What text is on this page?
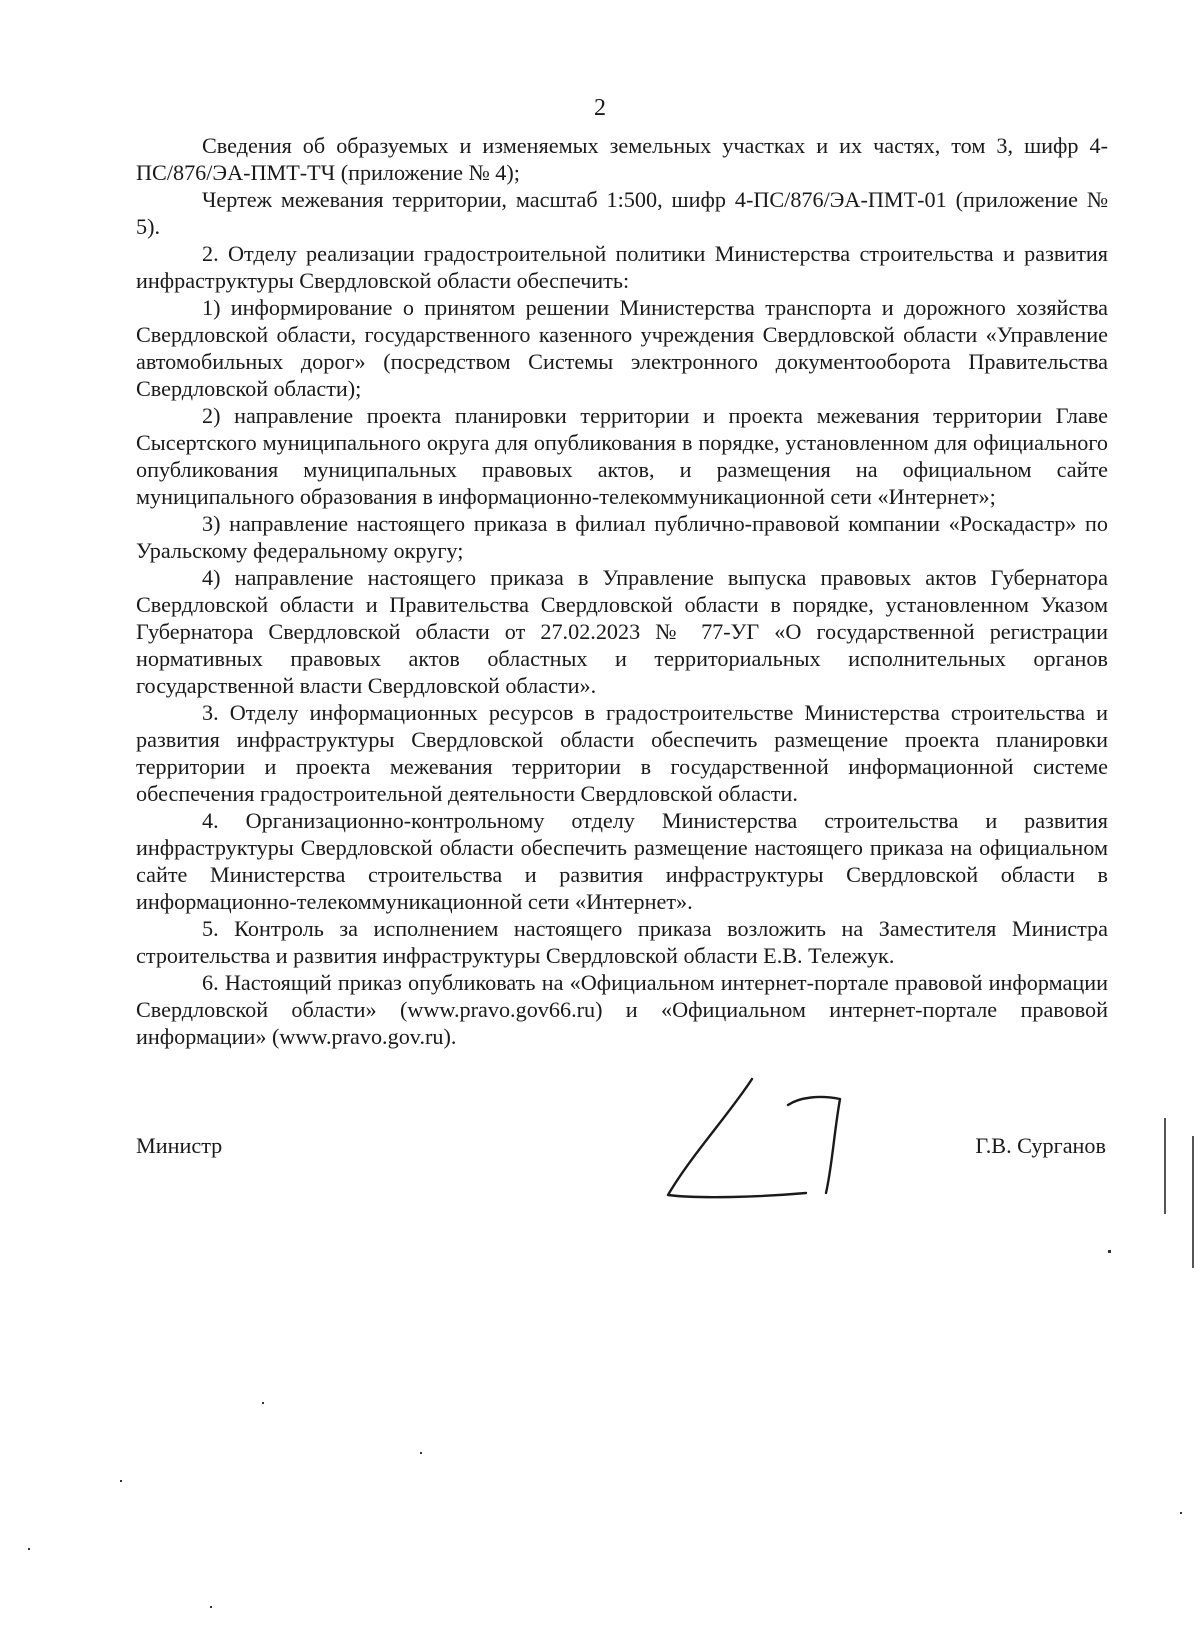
2

Сведения об образуемых и изменяемых земельных участках и их частях, том 3, шифр 4-ПС/876/ЭА-ПМТ-ТЧ (приложение № 4);

Чертеж межевания территории, масштаб 1:500, шифр 4-ПС/876/ЭА-ПМТ-01 (приложение № 5).

2. Отделу реализации градостроительной политики Министерства строительства и развития инфраструктуры Свердловской области обеспечить:

1) информирование о принятом решении Министерства транспорта и дорожного хозяйства Свердловской области, государственного казенного учреждения Свердловской области «Управление автомобильных дорог» (посредством Системы электронного документооборота Правительства Свердловской области);

2) направление проекта планировки территории и проекта межевания территории Главе Сысертского муниципального округа для опубликования в порядке, установленном для официального опубликования муниципальных правовых актов, и размещения на официальном сайте муниципального образования в информационно-телекоммуникационной сети «Интернет»;

3) направление настоящего приказа в филиал публично-правовой компании «Роскадастр» по Уральскому федеральному округу;

4) направление настоящего приказа в Управление выпуска правовых актов Губернатора Свердловской области и Правительства Свердловской области в порядке, установленном Указом Губернатора Свердловской области от 27.02.2023 № 77-УГ «О государственной регистрации нормативных правовых актов областных и территориальных исполнительных органов государственной власти Свердловской области».

3. Отделу информационных ресурсов в градостроительстве Министерства строительства и развития инфраструктуры Свердловской области обеспечить размещение проекта планировки территории и проекта межевания территории в государственной информационной системе обеспечения градостроительной деятельности Свердловской области.

4. Организационно-контрольному отделу Министерства строительства и развития инфраструктуры Свердловской области обеспечить размещение настоящего приказа на официальном сайте Министерства строительства и развития инфраструктуры Свердловской области в информационно-телекоммуникационной сети «Интернет».

5. Контроль за исполнением настоящего приказа возложить на Заместителя Министра строительства и развития инфраструктуры Свердловской области Е.В. Тележук.

6. Настоящий приказ опубликовать на «Официальном интернет-портале правовой информации Свердловской области» (www.pravo.gov66.ru) и «Официальном интернет-портале правовой информации» (www.pravo.gov.ru).

Министр	Г.В. Сурганов
